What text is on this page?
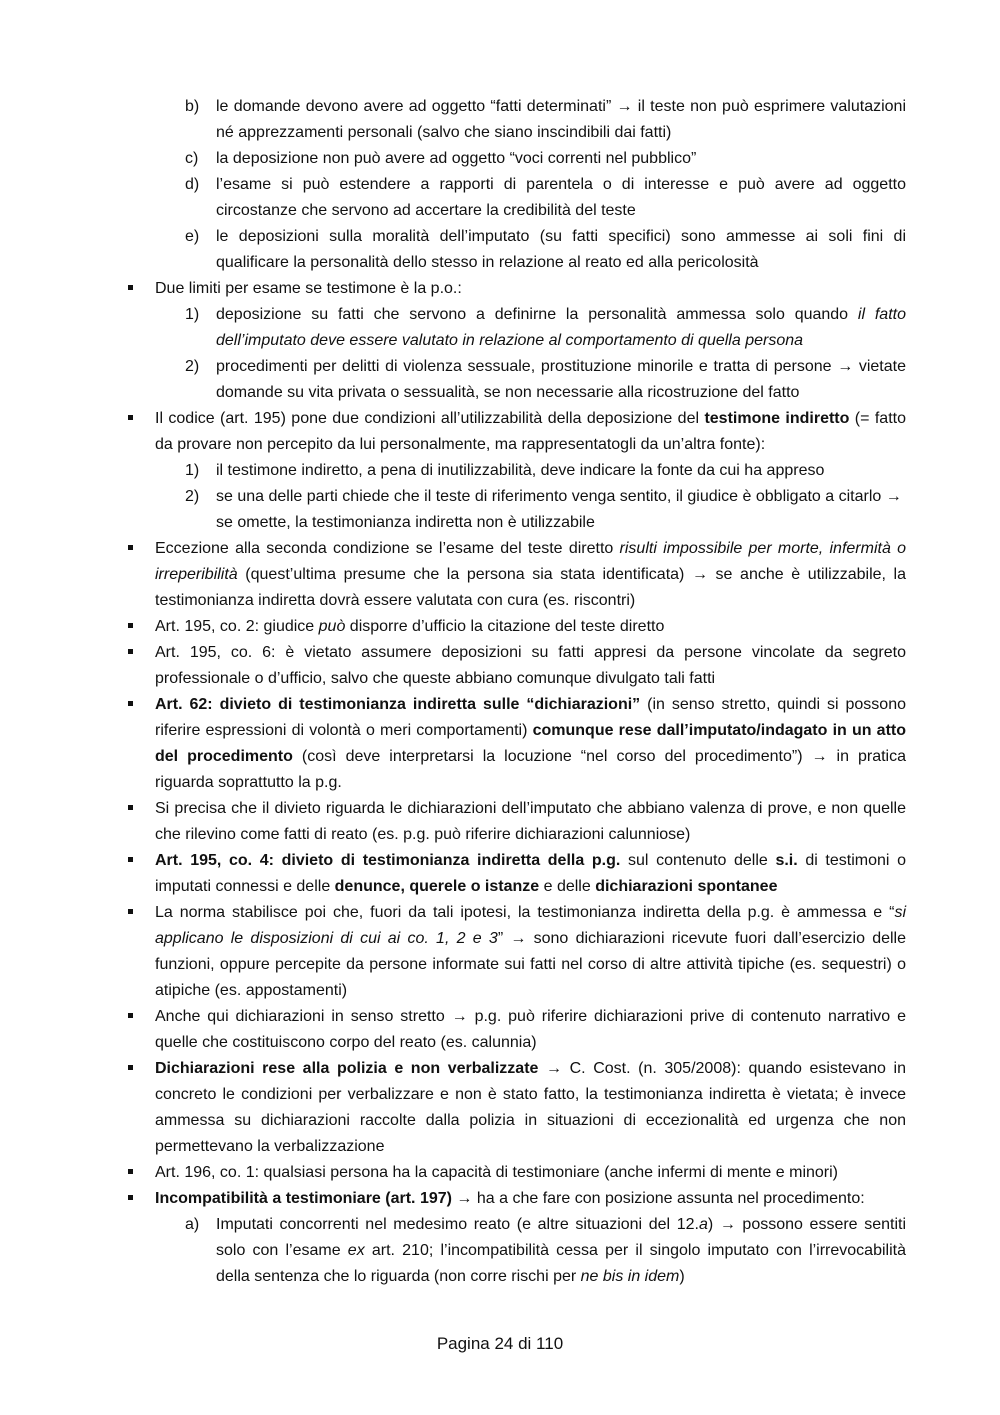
b) le domande devono avere ad oggetto “fatti determinati” → il teste non può esprimere valutazioni né apprezzamenti personali (salvo che siano inscindibili dai fatti)
c) la deposizione non può avere ad oggetto “voci correnti nel pubblico”
d) l’esame si può estendere a rapporti di parentela o di interesse e può avere ad oggetto circostanze che servono ad accertare la credibilità del teste
e) le deposizioni sulla moralità dell’imputato (su fatti specifici) sono ammesse ai soli fini di qualificare la personalità dello stesso in relazione al reato ed alla pericolosità
Due limiti per esame se testimone è la p.o.:
1) deposizione su fatti che servono a definirne la personalità ammessa solo quando il fatto dell’imputato deve essere valutato in relazione al comportamento di quella persona
2) procedimenti per delitti di violenza sessuale, prostituzione minorile e tratta di persone → vietate domande su vita privata o sessualità, se non necessarie alla ricostruzione del fatto
Il codice (art. 195) pone due condizioni all’utilizzabilità della deposizione del testimone indiretto (= fatto da provare non percepito da lui personalmente, ma rappresentatogli da un’altra fonte):
1) il testimone indiretto, a pena di inutilizzabilità, deve indicare la fonte da cui ha appreso
2) se una delle parti chiede che il teste di riferimento venga sentito, il giudice è obbligato a citarlo → se omette, la testimonianza indiretta non è utilizzabile
Eccezione alla seconda condizione se l’esame del teste diretto risulti impossibile per morte, infermità o irreperibilità (quest’ultima presume che la persona sia stata identificata) → se anche è utilizzabile, la testimonianza indiretta dovrà essere valutata con cura (es. riscontri)
Art. 195, co. 2: giudice può disporre d’ufficio la citazione del teste diretto
Art. 195, co. 6: è vietato assumere deposizioni su fatti appresi da persone vincolate da segreto professionale o d’ufficio, salvo che queste abbiano comunque divulgato tali fatti
Art. 62: divieto di testimonianza indiretta sulle “dichiarazioni” (in senso stretto, quindi si possono riferire espressioni di volontà o meri comportamenti) comunque rese dall’imputato/indagato in un atto del procedimento (così deve interpretarsi la locuzione “nel corso del procedimento”) → in pratica riguarda soprattutto la p.g.
Si precisa che il divieto riguarda le dichiarazioni dell’imputato che abbiano valenza di prove, e non quelle che rilevino come fatti di reato (es. p.g. può riferire dichiarazioni calunniose)
Art. 195, co. 4: divieto di testimonianza indiretta della p.g. sul contenuto delle s.i. di testimoni o imputati connessi e delle denunce, querele o istanze e delle dichiarazioni spontanee
La norma stabilisce poi che, fuori da tali ipotesi, la testimonianza indiretta della p.g. è ammessa e “si applicano le disposizioni di cui ai co. 1, 2 e 3” → sono dichiarazioni ricevute fuori dall’esercizio delle funzioni, oppure percepite da persone informate sui fatti nel corso di altre attività tipiche (es. sequestri) o atipiche (es. appostamenti)
Anche qui dichiarazioni in senso stretto → p.g. può riferire dichiarazioni prive di contenuto narrativo e quelle che costituiscono corpo del reato (es. calunnia)
Dichiarazioni rese alla polizia e non verbalizzate → C. Cost. (n. 305/2008): quando esistevano in concreto le condizioni per verbalizzare e non è stato fatto, la testimonianza indiretta è vietata; è invece ammessa su dichiarazioni raccolte dalla polizia in situazioni di eccezionalità ed urgenza che non permettevano la verbalizzazione
Art. 196, co. 1: qualsiasi persona ha la capacità di testimoniare (anche infermi di mente e minori)
Incompatibilità a testimoniare (art. 197) → ha a che fare con posizione assunta nel procedimento:
a) Imputati concorrenti nel medesimo reato (e altre situazioni del 12.a) → possono essere sentiti solo con l’esame ex art. 210; l’incompatibilità cessa per il singolo imputato con l’irrevocabilità della sentenza che lo riguarda (non corre rischi per ne bis in idem)
Pagina 24 di 110
